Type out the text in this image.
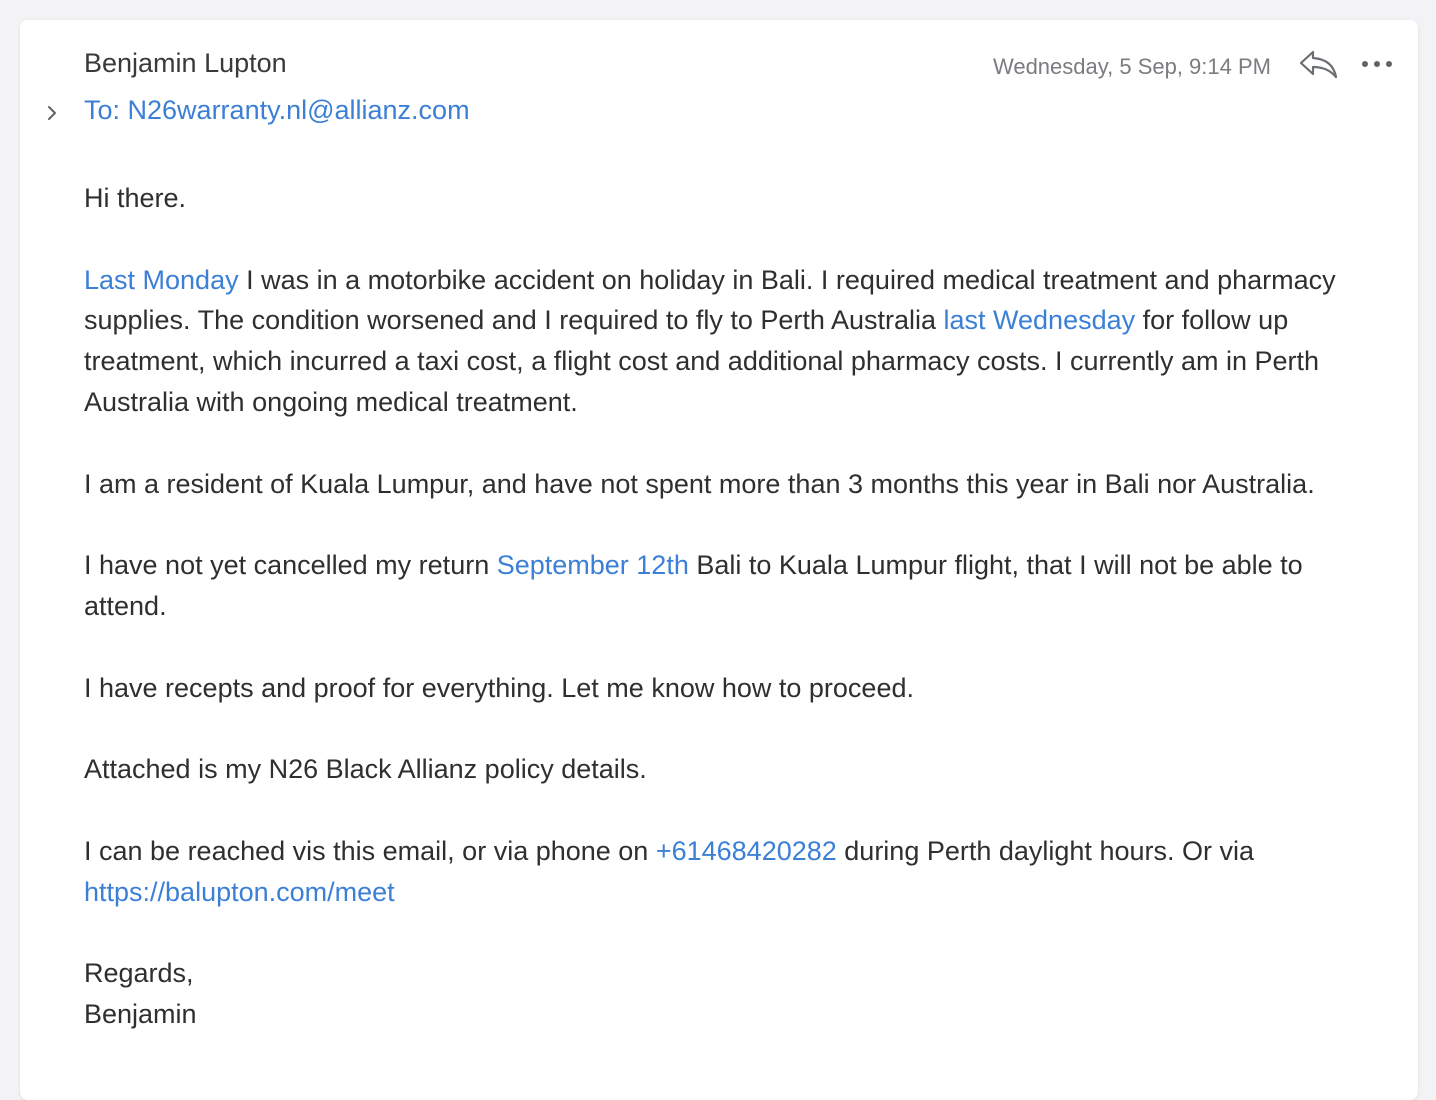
Benjamin Lupton
To: N26warranty.nl@allianz.com
Wednesday, 5 Sep, 9:14 PM

Hi there.

Last Monday I was in a motorbike accident on holiday in Bali. I required medical treatment and pharmacy supplies. The condition worsened and I required to fly to Perth Australia last Wednesday for follow up treatment, which incurred a taxi cost, a flight cost and additional pharmacy costs. I currently am in Perth Australia with ongoing medical treatment.

I am a resident of Kuala Lumpur, and have not spent more than 3 months this year in Bali nor Australia.

I have not yet cancelled my return September 12th Bali to Kuala Lumpur flight, that I will not be able to attend.

I have recepts and proof for everything. Let me know how to proceed.

Attached is my N26 Black Allianz policy details.

I can be reached vis this email, or via phone on +61468420282 during Perth daylight hours. Or via
https://balupton.com/meet

Regards,
Benjamin
